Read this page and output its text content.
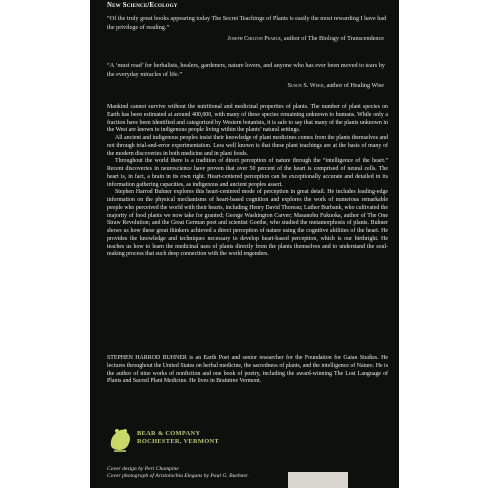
New Science/Ecology
“Of the truly great books appearing today The Secret Teachings of Plants is easily the most rewarding I have had the privilege of reading.”
Joseph Chilton Pearce, author of The Biology of Transcendence
“A ‘must read’ for herbalists, healers, gardeners, nature lovers, and anyone who has ever been moved to tears by the everyday miracles of life.”
Susun S. Weed, author of Healing Wise

Mankind cannot survive without the nutritional and medicinal properties of plants. The number of plant species on Earth has been estimated at around 400,000, with many of these species remaining unknown to humans. While only a fraction have been identified and categorized by Western botanists, it is safe to say that many of the plants unknown in the West are known to indigenous people living within the plants’ natural settings.

All ancient and indigenous peoples insist their knowledge of plant medicines comes from the plants themselves and not through trial-and-error experimentation. Less well known is that these plant teachings are at the basis of many of the modern discoveries in both medicine and in plant foods.

Throughout the world there is a tradition of direct perception of nature through the “intelligence of the heart.” Recent discoveries in neuroscience have proven that over 50 percent of the heart is comprised of neural cells. The heart is, in fact, a brain in its own right. Heart-centered perception can be exceptionally accurate and detailed in its information gathering capacities, as indigenous and ancient peoples assert.

Stephen Harrod Buhner explores this heart-centered mode of perception in great detail. He includes leading-edge information on the physical mechanisms of heart-based cognition and explores the work of numerous remarkable people who perceived the world with their hearts, including Henry David Thoreau; Luther Burbank, who cultivated the majority of food plants we now take for granted; George Washington Carver; Masanobu Fukuoka, author of The One Straw Revolution; and the Great German poet and scientist Goethe, who studied the metamorphosis of plants. Buhner shows us how these great thinkers achieved a direct perception of nature using the cognitive abilities of the heart. He provides the knowledge and techniques necessary to develop heart-based perception, which is our birthright. He teaches us how to learn the medicinal uses of plants directly from the plants themselves and to understand the soul-making process that such deep connection with the world engenders.

STEPHEN HARROD BUHNER is an Earth Poet and senior researcher for the Foundation for Gaian Studies. He lectures throughout the United States on herbal medicine, the sacredness of plants, and the intelligence of Nature. He is the author of nine works of nonfiction and one book of poetry, including the award-winning The Lost Language of Plants and Sacred Plant Medicine. He lives in Braintree Vermont.

BEAR & COMPANY
ROCHESTER, VERMONT
Cover design by Peri Champine
Cover photograph of Aristolochia Elegans by Paul G. Buehner
